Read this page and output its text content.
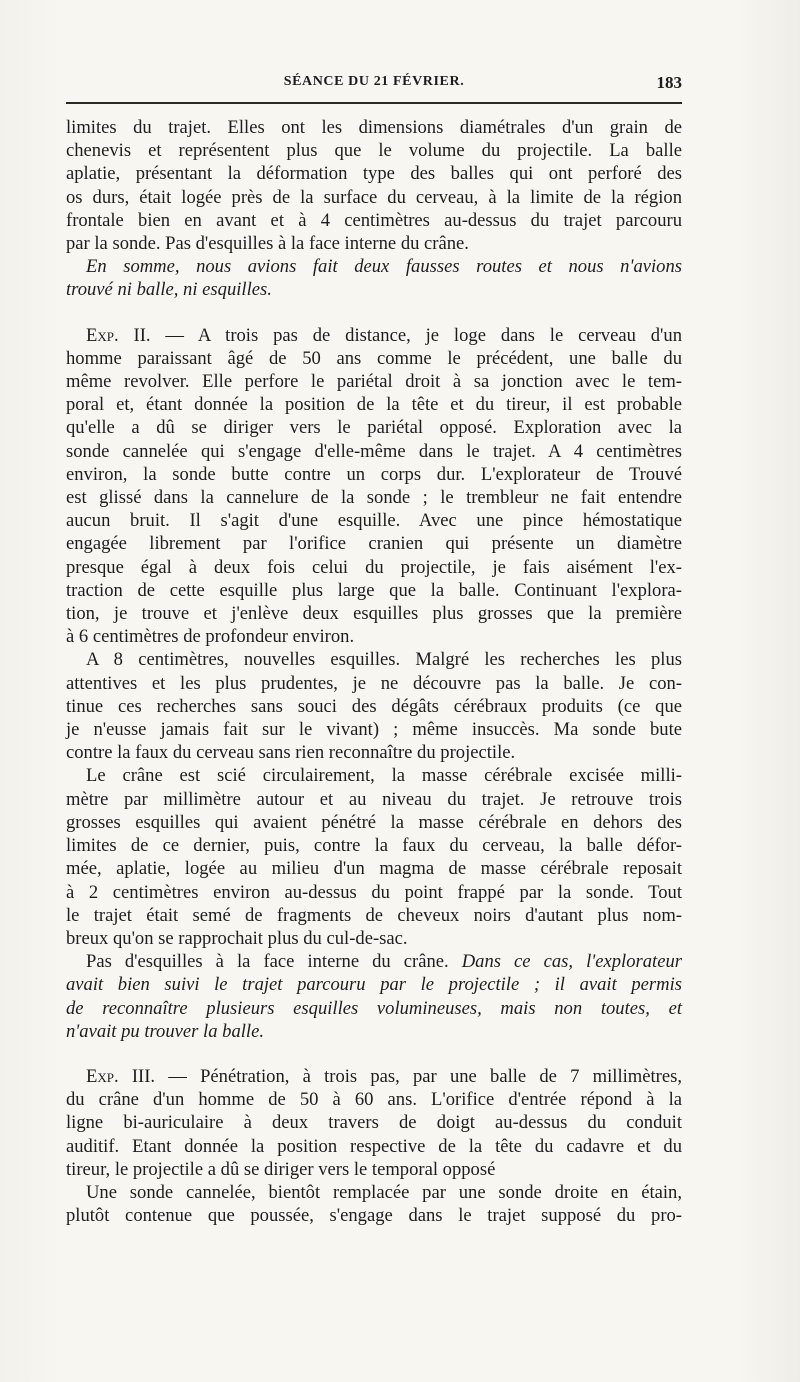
SÉANCE DU 21 FÉVRIER.	183
limites du trajet. Elles ont les dimensions diamétrales d'un grain de
chenevis et représentent plus que le volume du projectile. La balle
aplatie, présentant la déformation type des balles qui ont perforé des
os durs, était logée près de la surface du cerveau, à la limite de la région
frontale bien en avant et à 4 centimètres au-dessus du trajet parcouru
par la sonde. Pas d'esquilles à la face interne du crâne.
En somme, nous avions fait deux fausses routes et nous n'avions
trouvé ni balle, ni esquilles.
Exp. II. — A trois pas de distance, je loge dans le cerveau d'un
homme paraissant âgé de 50 ans comme le précédent, une balle du
même revolver. Elle perfore le pariétal droit à sa jonction avec le tem-
poral et, étant donnée la position de la tête et du tireur, il est probable
qu'elle a dû se diriger vers le pariétal opposé. Exploration avec la
sonde cannelée qui s'engage d'elle-même dans le trajet. A 4 centimètres
environ, la sonde butte contre un corps dur. L'explorateur de Trouvé
est glissé dans la cannelure de la sonde ; le trembleur ne fait entendre
aucun bruit. Il s'agit d'une esquille. Avec une pince hémostatique
engagée librement par l'orifice cranien qui présente un diamètre
presque égal à deux fois celui du projectile, je fais aisément l'ex-
traction de cette esquille plus large que la balle. Continuant l'explora-
tion, je trouve et j'enlève deux esquilles plus grosses que la première
à 6 centimètres de profondeur environ.
A 8 centimètres, nouvelles esquilles. Malgré les recherches les plus
attentives et les plus prudentes, je ne découvre pas la balle. Je con-
tinue ces recherches sans souci des dégâts cérébraux produits (ce que
je n'eusse jamais fait sur le vivant) ; même insuccès. Ma sonde bute
contre la faux du cerveau sans rien reconnaître du projectile.
Le crâne est scié circulairement, la masse cérébrale excisée milli-
mètre par millimètre autour et au niveau du trajet. Je retrouve trois
grosses esquilles qui avaient pénétré la masse cérébrale en dehors des
limites de ce dernier, puis, contre la faux du cerveau, la balle défor-
mée, aplatie, logée au milieu d'un magma de masse cérébrale reposait
à 2 centimètres environ au-dessus du point frappé par la sonde. Tout
le trajet était semé de fragments de cheveux noirs d'autant plus nom-
breux qu'on se rapprochait plus du cul-de-sac.
Pas d'esquilles à la face interne du crâne. Dans ce cas, l'explorateur
avait bien suivi le trajet parcouru par le projectile ; il avait permis
de reconnaître plusieurs esquilles volumineuses, mais non toutes, et
n'avait pu trouver la balle.
Exp. III. — Pénétration, à trois pas, par une balle de 7 millimètres,
du crâne d'un homme de 50 à 60 ans. L'orifice d'entrée répond à la
ligne bi-auriculaire à deux travers de doigt au-dessus du conduit
auditif. Etant donnée la position respective de la tête du cadavre et du
tireur, le projectile a dû se diriger vers le temporal opposé
Une sonde cannelée, bientôt remplacée par une sonde droite en étain,
plutôt contenue que poussée, s'engage dans le trajet supposé du pro-
